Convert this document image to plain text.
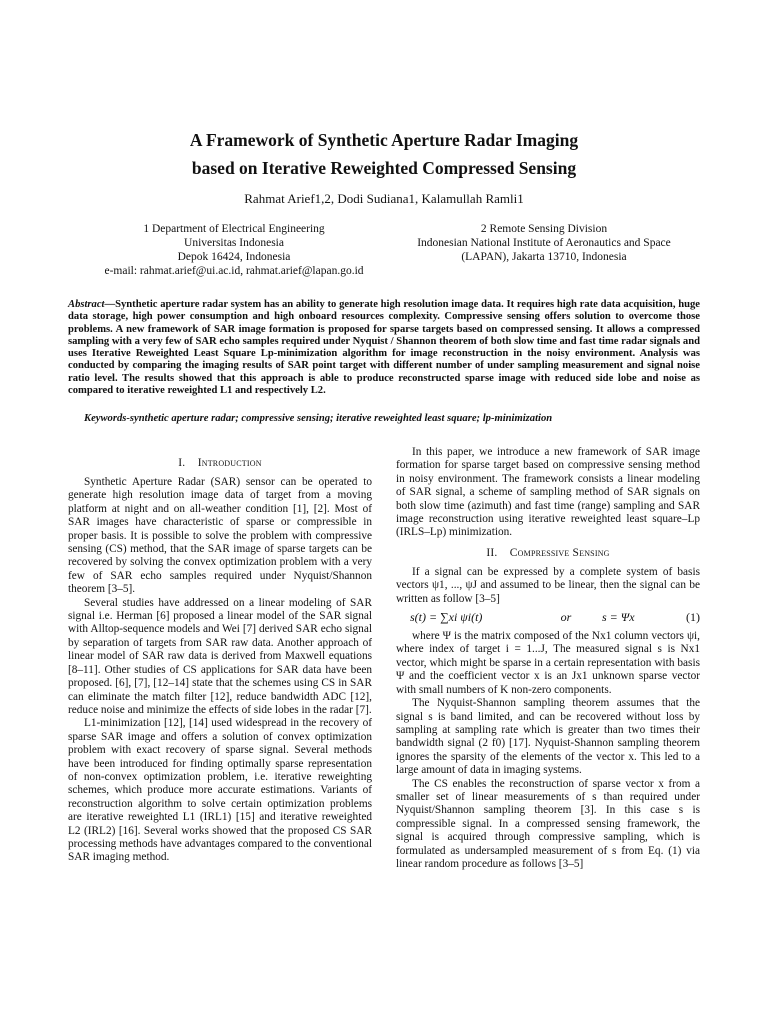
A Framework of Synthetic Aperture Radar Imaging
based on Iterative Reweighted Compressed Sensing
Rahmat Arief1,2, Dodi Sudiana1, Kalamullah Ramli1
1 Department of Electrical Engineering
Universitas Indonesia
Depok 16424, Indonesia
e-mail: rahmat.arief@ui.ac.id, rahmat.arief@lapan.go.id
2 Remote Sensing Division
Indonesian National Institute of Aeronautics and Space
(LAPAN), Jakarta 13710, Indonesia
Abstract—Synthetic aperture radar system has an ability to generate high resolution image data. It requires high rate data acquisition, huge data storage, high power consumption and high onboard resources complexity. Compressive sensing offers solution to overcome those problems. A new framework of SAR image formation is proposed for sparse targets based on compressed sensing. It allows a compressed sampling with a very few of SAR echo samples required under Nyquist / Shannon theorem of both slow time and fast time radar signals and uses Iterative Reweighted Least Square Lp-minimization algorithm for image reconstruction in the noisy environment. Analysis was conducted by comparing the imaging results of SAR point target with different number of under sampling measurement and signal noise ratio level. The results showed that this approach is able to produce reconstructed sparse image with reduced side lobe and noise as compared to iterative reweighted L1 and respectively L2.
Keywords-synthetic aperture radar; compressive sensing; iterative reweighted least square; lp-minimization
I. Introduction

Synthetic Aperture Radar (SAR) sensor can be operated to generate high resolution image data of target from a moving platform at night and on all-weather condition [1], [2]. Most of SAR images have characteristic of sparse or compressible in proper basis. It is possible to solve the problem with compressive sensing (CS) method, that the SAR image of sparse targets can be recovered by solving the convex optimization problem with a very few of SAR echo samples required under Nyquist/Shannon theorem [3–5].

Several studies have addressed on a linear modeling of SAR signal i.e. Herman [6] proposed a linear model of the SAR signal with Alltop-sequence models and Wei [7] derived SAR echo signal by separation of targets from SAR raw data. Another approach of linear model of SAR raw data is derived from Maxwell equations [8–11]. Other studies of CS applications for SAR data have been proposed. [6], [7], [12–14] state that the schemes using CS in SAR can eliminate the match filter [12], reduce bandwidth ADC [12], reduce noise and minimize the effects of side lobes in the radar [7].

L1-minimization [12], [14] used widespread in the recovery of sparse SAR image and offers a solution of convex optimization problem with exact recovery of sparse signal. Several methods have been introduced for finding optimally sparse representation of non-convex optimization problem, i.e. iterative reweighting schemes, which produce more accurate estimations. Variants of reconstruction algorithm to solve certain optimization problems are iterative reweighted L1 (IRL1) [15] and iterative reweighted L2 (IRL2) [16]. Several works showed that the proposed CS SAR processing methods have advantages compared to the conventional SAR imaging method.

In this paper, we introduce a new framework of SAR image formation for sparse target based on compressive sensing method in noisy environment. The framework consists a linear modeling of SAR signal, a scheme of sampling method of SAR signals on both slow time (azimuth) and fast time (range) sampling and SAR image reconstruction using iterative reweighted least square–Lp (IRLS–Lp) minimization.

II. Compressive Sensing

If a signal can be expressed by a complete system of basis vectors ψ1, ..., ψJ and assumed to be linear, then the signal can be written as follow [3–5]

s(t) = ∑xi ψi(t)	or	s = Ψx	(1)

where Ψ is the matrix composed of the Nx1 column vectors ψi, where index of target i = 1...J, The measured signal s is Nx1 vector, which might be sparse in a certain representation with basis Ψ and the coefficient vector x is an Jx1 unknown sparse vector with small numbers of K non-zero components.

The Nyquist-Shannon sampling theorem assumes that the signal s is band limited, and can be recovered without loss by sampling at sampling rate which is greater than two times their bandwidth signal (2 f0) [17]. Nyquist-Shannon sampling theorem ignores the sparsity of the elements of the vector x. This led to a large amount of data in imaging systems.

The CS enables the reconstruction of sparse vector x from a smaller set of linear measurements of s than required under Nyquist/Shannon sampling theorem [3]. In this case s is compressible signal. In a compressed sensing framework, the signal is acquired through compressive sampling, which is formulated as undersampled measurement of s from Eq. (1) via linear random procedure as follows [3–5]
